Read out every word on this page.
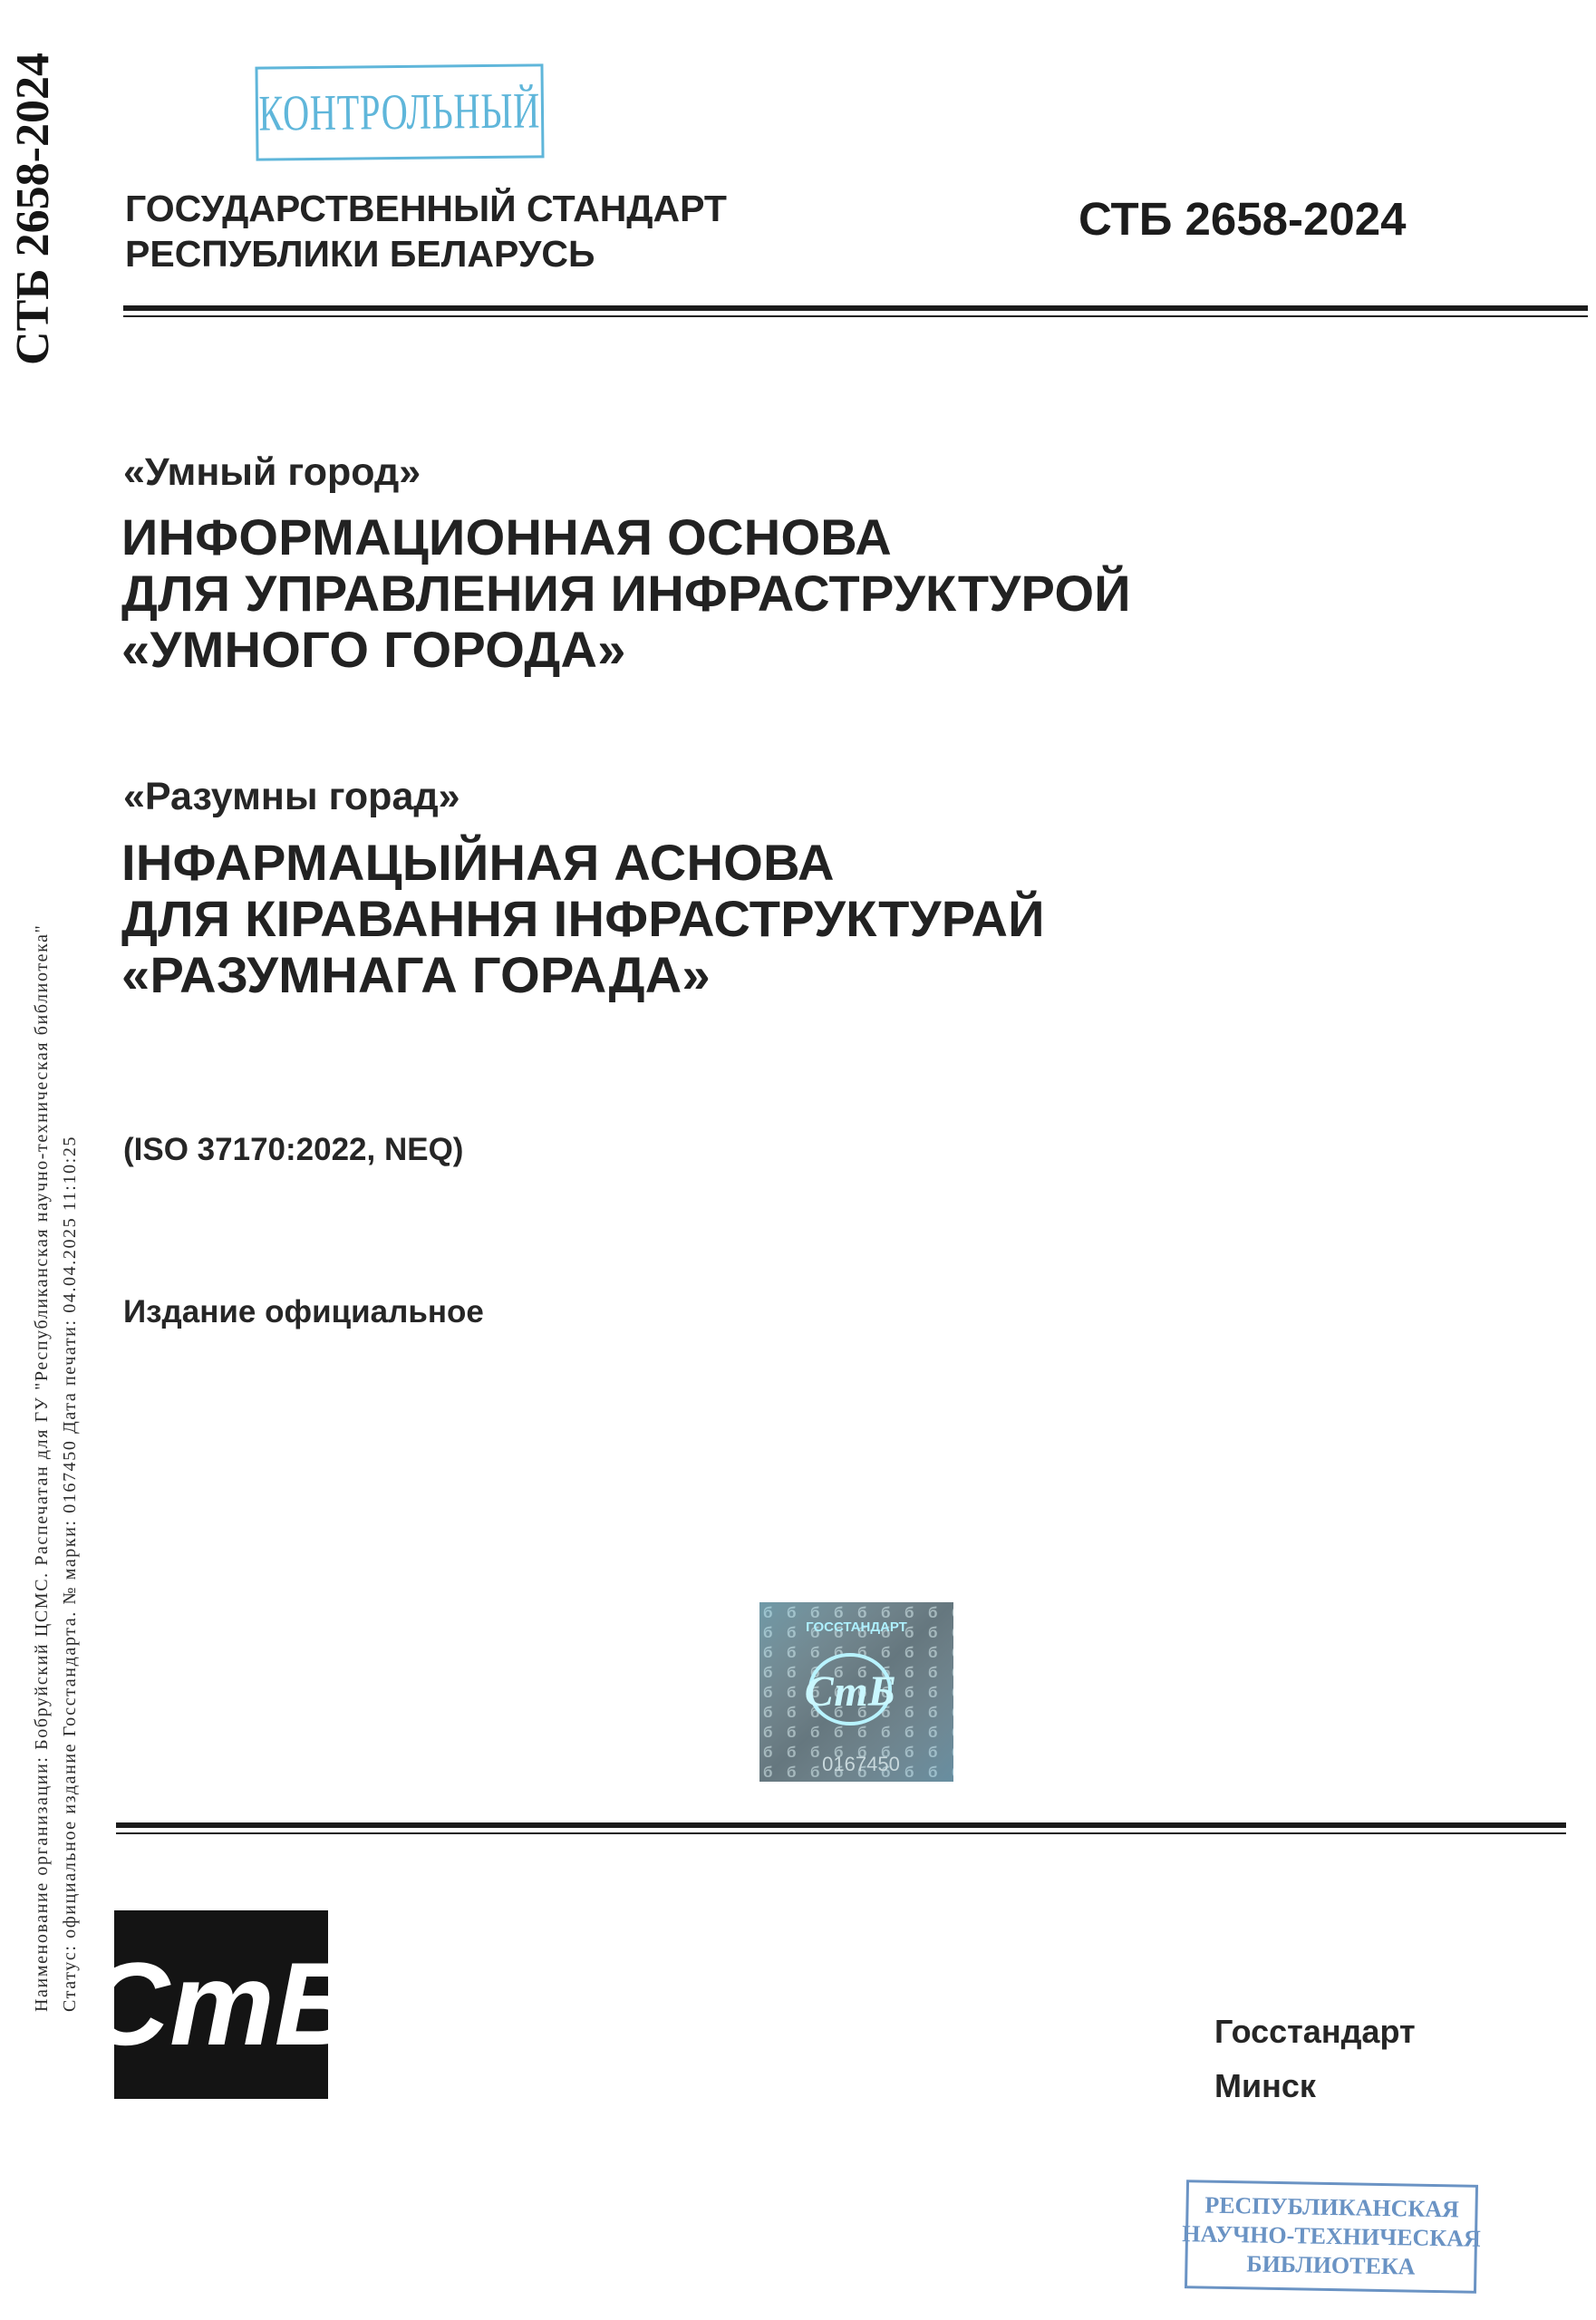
СТБ 2658-2024
Наименование организации: Бобруйский ЦСМС. Распечатан для ГУ "Республиканская научно-техническая библиотека" Статус: официальное издание Госстандарта. № марки: 0167450 Дата печати: 04.04.2025 11:10:25
КОНТРОЛЬНЫЙ
ГОСУДАРСТВЕННЫЙ СТАНДАРТ
РЕСПУБЛИКИ БЕЛАРУСЬ
СТБ 2658-2024
«Умный город»
ИНФОРМАЦИОННАЯ ОСНОВА
ДЛЯ УПРАВЛЕНИЯ ИНФРАСТРУКТУРОЙ
«УМНОГО ГОРОДА»
«Разумны горад»
ІНФАРМАЦЫЙНАЯ АСНОВА
ДЛЯ КІРАВАННЯ ІНФРАСТРУКТУРАЙ
«РАЗУМНАГА ГОРАДА»
(ISO 37170:2022, NEQ)
Издание официальное
ГОССТАНДАРТ
СтБ
0167450
СтБ	Госстандарт
Минск
РЕСПУБЛИКАНСКАЯ
НАУЧНО-ТЕХНИЧЕСКАЯ
БИБЛИОТЕКА
